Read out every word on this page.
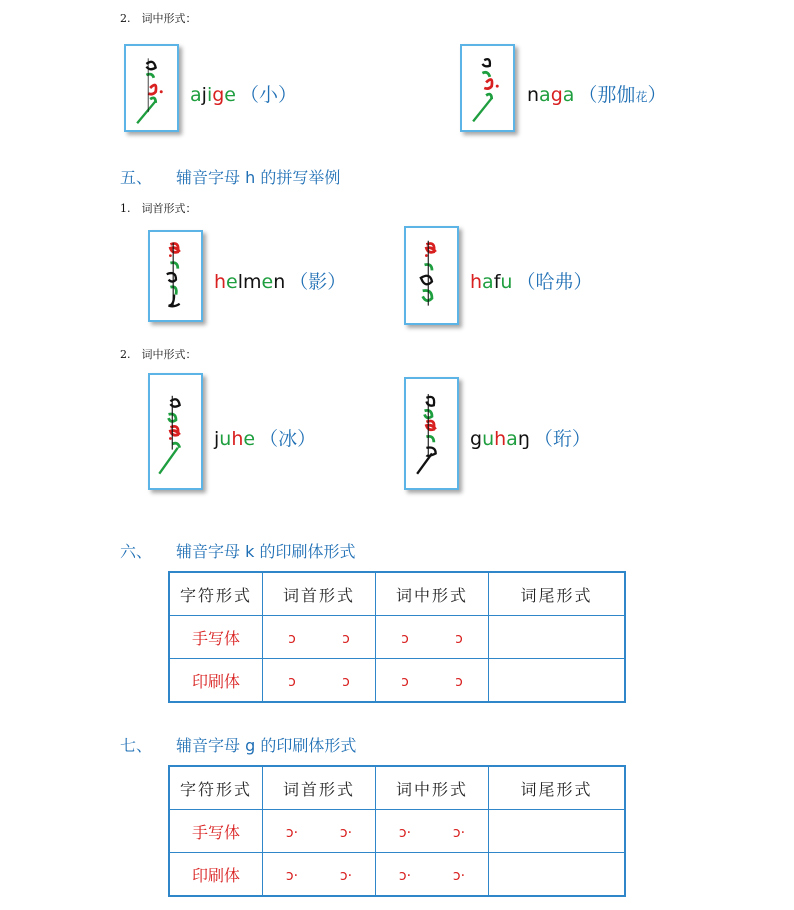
2.　词中形式：
ajige （小）	naga （那伽花）
五、 辅音字母 h 的拼写举例
1.　词首形式：
helmen （影）	hafu （哈弗）
2.　词中形式：
juhe （冰）	guhaŋ （珩）
六、 辅音字母 k 的印刷体形式
字符形式	词首形式	词中形式	词尾形式
手写体	ɔ ɔ	ɔ ɔ	
印刷体	ɔ ɔ	ɔ ɔ	
七、 辅音字母 g 的印刷体形式
字符形式	词首形式	词中形式	词尾形式
手写体	ɔ· ɔ·	ɔ· ɔ·	
印刷体	ɔ· ɔ·	ɔ· ɔ·	
